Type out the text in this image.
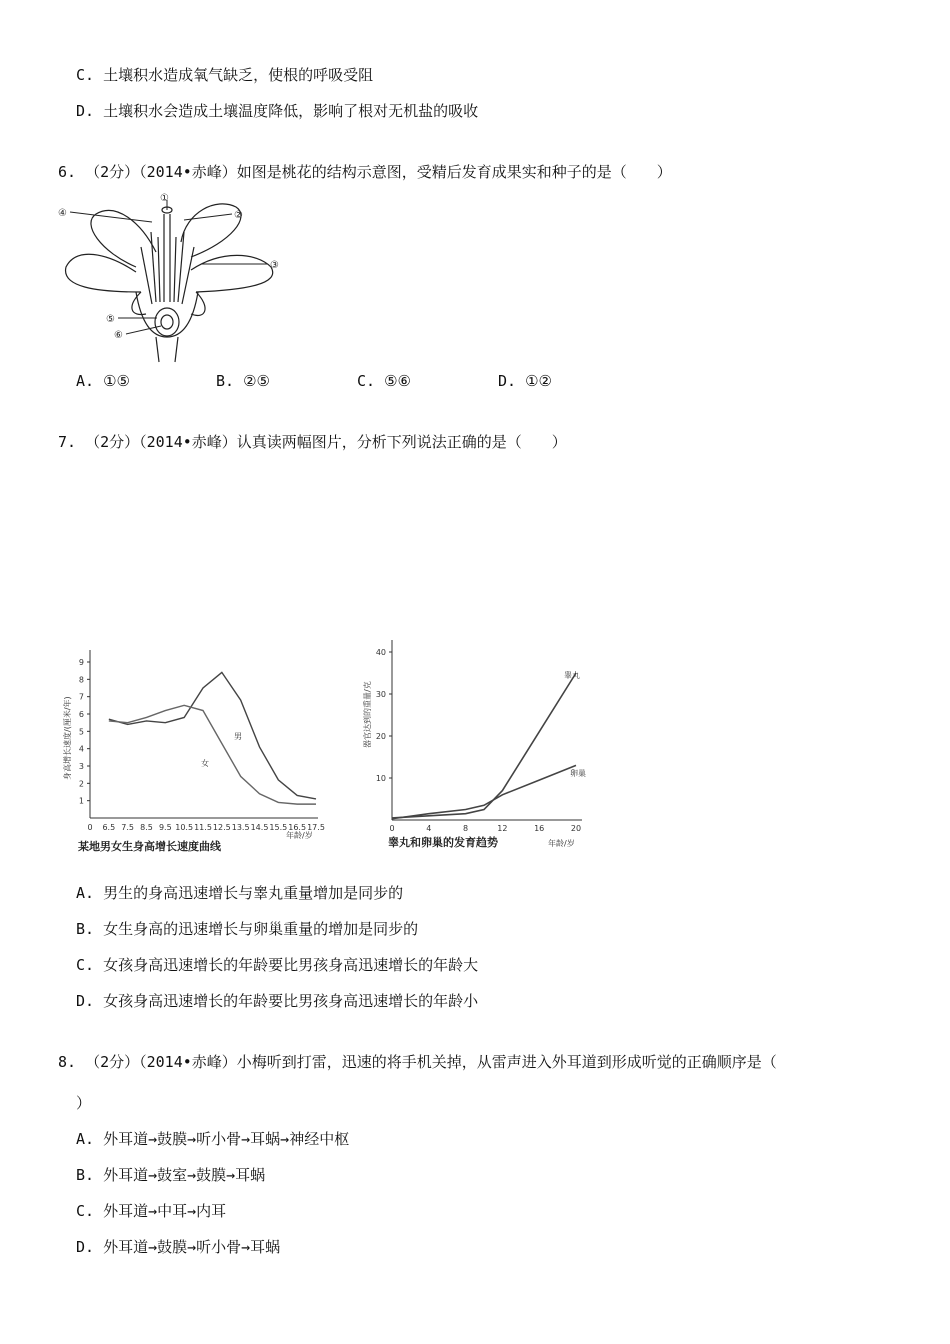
C. 土壤积水造成氧气缺乏，使根的呼吸受阻
D. 土壤积水会造成土壤温度降低，影响了根对无机盐的吸收
6. （2分）（2014•赤峰）如图是桃花的结构示意图，受精后发育成果实和种子的是（　　）
①
②
③
④
⑤
⑥
A. ①⑤	B. ②⑤	C. ⑤⑥	D. ①②
7. （2分）（2014•赤峰）认真读两幅图片，分析下列说法正确的是（　　）
1
2
3
4
5
6
7
8
9
0 6.5 7.5 8.5 9.5 10.5 11.5 12.5 13.5 14.5 15.5 16.5 17.5
身高增长速度/(厘米/年)
年龄/岁
男
女
某地男女生身高增长速度曲线
10
20
30
40
0	4	8	12	16	20
器官达到的重量/克
年龄/岁
睾丸
卵巢
睾丸和卵巢的发育趋势
A. 男生的身高迅速增长与睾丸重量增加是同步的
B. 女生身高的迅速增长与卵巢重量的增加是同步的
C. 女孩身高迅速增长的年龄要比男孩身高迅速增长的年龄大
D. 女孩身高迅速增长的年龄要比男孩身高迅速增长的年龄小
8. （2分）（2014•赤峰）小梅听到打雷，迅速的将手机关掉，从雷声进入外耳道到形成听觉的正确顺序是（
）
A. 外耳道→鼓膜→听小骨→耳蜗→神经中枢
B. 外耳道→鼓室→鼓膜→耳蜗
C. 外耳道→中耳→内耳
D. 外耳道→鼓膜→听小骨→耳蜗
